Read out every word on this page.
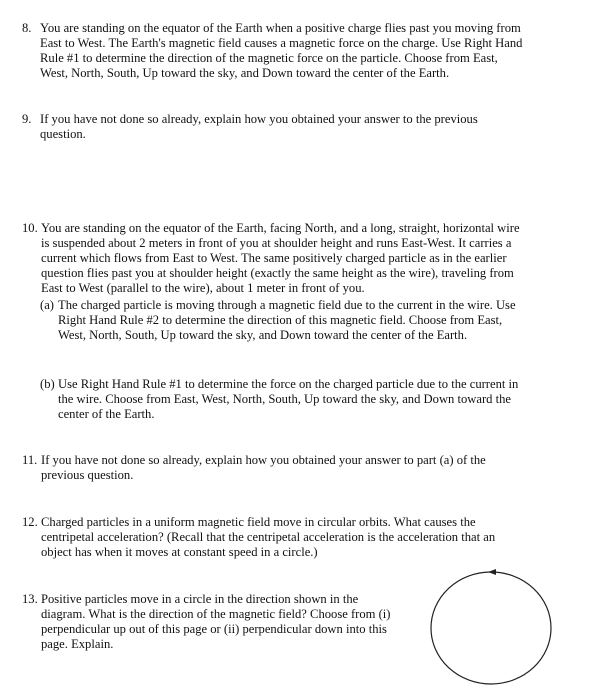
8. You are standing on the equator of the Earth when a positive charge flies past you moving from East to West. The Earth's magnetic field causes a magnetic force on the charge. Use Right Hand Rule #1 to determine the direction of the magnetic force on the particle. Choose from East, West, North, South, Up toward the sky, and Down toward the center of the Earth.
9. If you have not done so already, explain how you obtained your answer to the previous question.
10. You are standing on the equator of the Earth, facing North, and a long, straight, horizontal wire is suspended about 2 meters in front of you at shoulder height and runs East-West. It carries a current which flows from East to West. The same positively charged particle as in the earlier question flies past you at shoulder height (exactly the same height as the wire), traveling from East to West (parallel to the wire), about 1 meter in front of you.
(a) The charged particle is moving through a magnetic field due to the current in the wire. Use Right Hand Rule #2 to determine the direction of this magnetic field. Choose from East, West, North, South, Up toward the sky, and Down toward the center of the Earth.
(b) Use Right Hand Rule #1 to determine the force on the charged particle due to the current in the wire. Choose from East, West, North, South, Up toward the sky, and Down toward the center of the Earth.
11. If you have not done so already, explain how you obtained your answer to part (a) of the previous question.
12. Charged particles in a uniform magnetic field move in circular orbits. What causes the centripetal acceleration? (Recall that the centripetal acceleration is the acceleration that an object has when it moves at constant speed in a circle.)
13. Positive particles move in a circle in the direction shown in the diagram. What is the direction of the magnetic field? Choose from (i) perpendicular up out of this page or (ii) perpendicular down into this page. Explain.
